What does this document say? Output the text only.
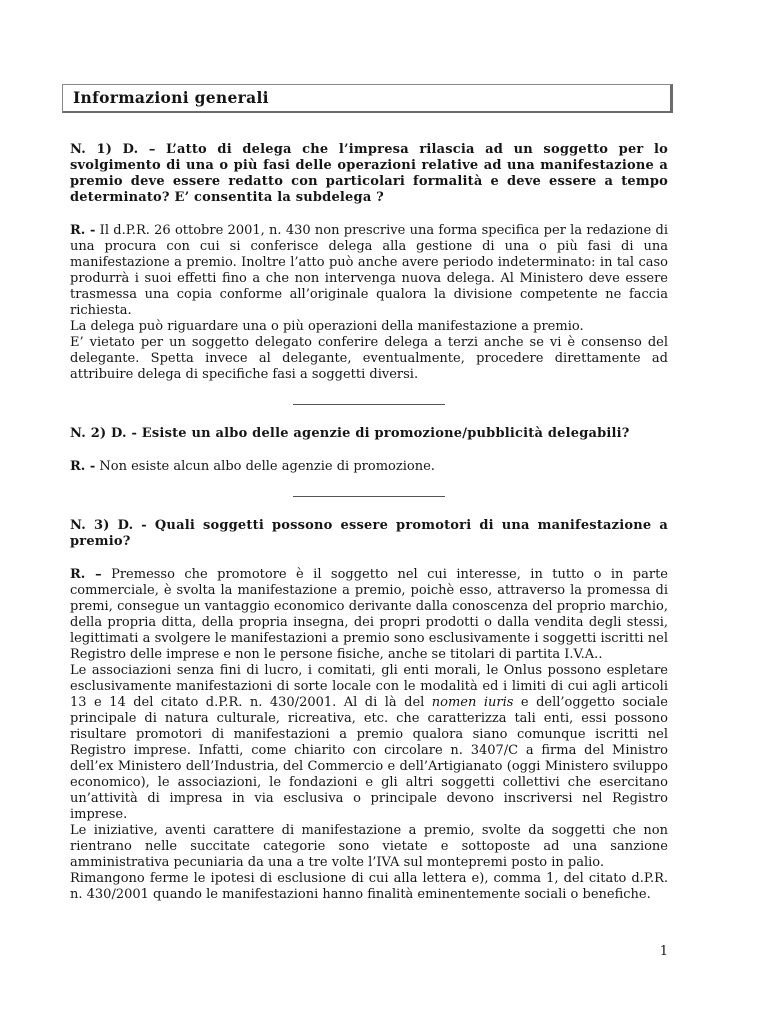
Informazioni generali

N. 1) D. – L’atto di delega che l’impresa rilascia ad un soggetto per lo svolgimento di una o più fasi delle operazioni relative ad una manifestazione a premio deve essere redatto con particolari formalità e deve essere a tempo determinato? E’ consentita la subdelega ?

R. - Il d.P.R. 26 ottobre 2001, n. 430 non prescrive una forma specifica per la redazione di una procura con cui si conferisce delega alla gestione di una o più fasi di una manifestazione a premio. Inoltre l’atto può anche avere periodo indeterminato: in tal caso produrrà i suoi effetti fino a che non intervenga nuova delega. Al Ministero deve essere trasmessa una copia conforme all’originale qualora la divisione competente ne faccia richiesta.

La delega può riguardare una o più operazioni della manifestazione a premio.

E’ vietato per un soggetto delegato conferire delega a terzi anche se vi è consenso del delegante. Spetta invece al delegante, eventualmente, procedere direttamente ad attribuire delega di specifiche fasi a soggetti diversi.

N. 2) D. - Esiste un albo delle agenzie di promozione/pubblicità delegabili?

R. - Non esiste alcun albo delle agenzie di promozione.

N. 3) D. - Quali soggetti possono essere promotori di una manifestazione a premio?

R. – Premesso che promotore è il soggetto nel cui interesse, in tutto o in parte commerciale, è svolta la manifestazione a premio, poichè esso, attraverso la promessa di premi, consegue un vantaggio economico derivante dalla conoscenza del proprio marchio, della propria ditta, della propria insegna, dei propri prodotti o dalla vendita degli stessi, legittimati a svolgere le manifestazioni a premio sono esclusivamente i soggetti iscritti nel Registro delle imprese e non le persone fisiche, anche se titolari di partita I.V.A..

Le associazioni senza fini di lucro, i comitati, gli enti morali, le Onlus possono espletare esclusivamente manifestazioni di sorte locale con le modalità ed i limiti di cui agli articoli 13 e 14 del citato d.P.R. n. 430/2001. Al di là del nomen iuris e dell’oggetto sociale principale di natura culturale, ricreativa, etc. che caratterizza tali enti, essi possono risultare promotori di manifestazioni a premio qualora siano comunque iscritti nel Registro imprese. Infatti, come chiarito con circolare n. 3407/C a firma del Ministro dell’ex Ministero dell’Industria, del Commercio e dell’Artigianato (oggi Ministero sviluppo economico), le associazioni, le fondazioni e gli altri soggetti collettivi che esercitano un’attività di impresa in via esclusiva o principale devono inscriversi nel Registro imprese.

Le iniziative, aventi carattere di manifestazione a premio, svolte da soggetti che non rientrano nelle succitate categorie sono vietate e sottoposte ad una sanzione amministrativa pecuniaria da una a tre volte l’IVA sul montepremi posto in palio.

Rimangono ferme le ipotesi di esclusione di cui alla lettera e), comma 1, del citato d.P.R. n. 430/2001 quando le manifestazioni hanno finalità eminentemente sociali o benefiche.

1
